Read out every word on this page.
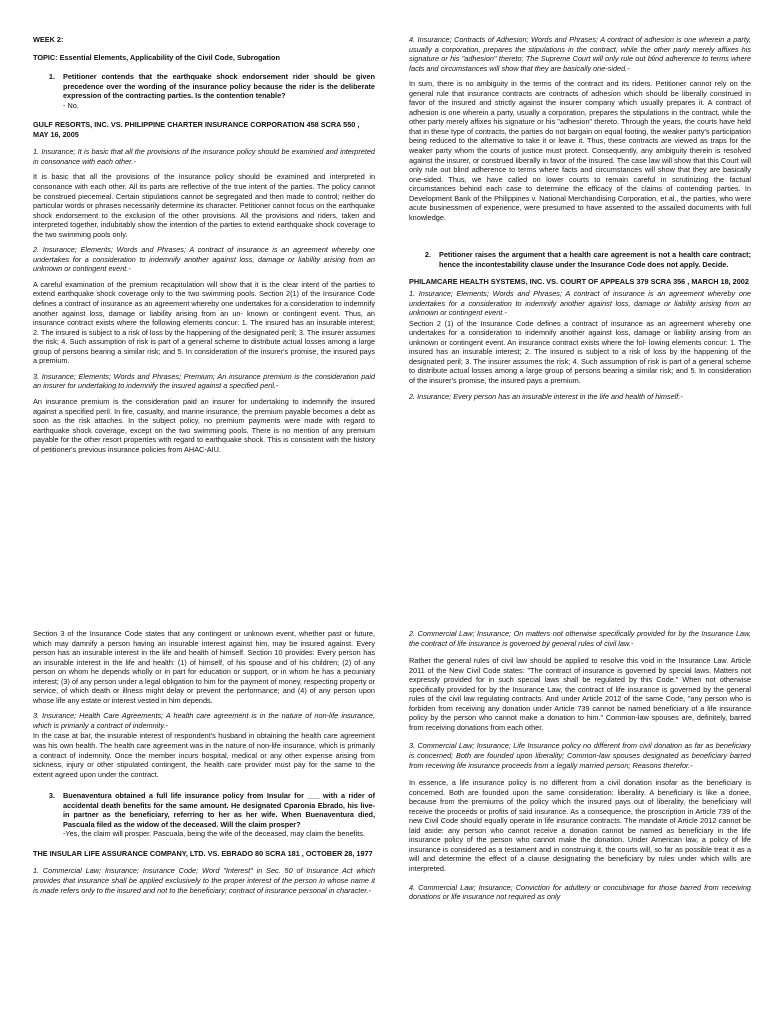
WEEK 2:
TOPIC: Essential Elements, Applicability of the Civil Code, Subrogation
1.	Petitioner contends that the earthquake shock endorsement rider should be given precedence over the wording of the insurance policy because the rider is the deliberate expression of the contracting parties. Is the contention tenable?
- No.
GULF RESORTS, INC. VS. PHILIPPINE CHARTER INSURANCE CORPORATION 458 SCRA 550 , MAY 16, 2005

1. Insurance; It is basic that all the provisions of the insurance policy should be examined and interpreted in consonance with each other.-

It is basic that all the provisions of the insurance policy should be examined and interpreted in consonance with each other. All its parts are reflective of the true intent of the parties. The policy cannot be construed piecemeal. Certain stipulations cannot be segregated and then made to control; neither do particular words or phrases necessarily determine its character. Petitioner cannot focus on the earthquake shock endorsement to the exclusion of the other provisions. All the provisions and riders, taken and interpreted together, indubitably show the intention of the parties to extend earthquake shock coverage to the two swimming pools only.

2. Insurance; Elements; Words and Phrases; A contract of insurance is an agreement whereby one undertakes for a consideration to indemnify another against loss, damage or liability arising from an unknown or contingent event.-

A careful examination of the premium recapitulation will show that it is the clear intent of the parties to extend earthquake shock coverage only to the two swimming pools. Section 2(1) of the Insurance Code defines a contract of insurance as an agreement whereby one undertakes for a consideration to indemnify another against loss, damage or liability arising from an un- known or contingent event. Thus, an insurance contract exists where the following elements concur: 1. The insured has an insurable interest; 2. The insured is subject to a risk of loss by the happening of the designated peril; 3. The insurer assumes the risk; 4. Such assumption of risk is part of a general scheme to distribute actual losses among a large group of persons bearing a similar risk; and 5. In consideration of the insurer's promise, the insured pays a premium.

3. Insurance; Elements; Words and Phrases; Premium; An insurance premium is the consideration paid an insurer for undertaking to indemnify the insured against a specified peril.-

An insurance premium is the consideration paid an insurer for undertaking to indemnify the insured against a specified peril. In fire, casualty, and marine insurance, the premium payable becomes a debt as soon as the risk attaches. In the subject policy, no premium payments were made with regard to earthquake shock coverage, except on the two swimming pools. There is no mention of any premium payable for the other resort properties with regard to earthquake shock. This is consistent with the history of petitioner's previous insurance policies from AHAC-AIU.

4. Insurance; Contracts of Adhesion; Words and Phrases; A contract of adhesion is one wherein a party, usually a corporation, prepares the stipulations in the contract, while the other party merely affixes his signature or his "adhesion" thereto; The Supreme Court will only rule out blind adherence to terms where facts and circumstances will show that they are basically one-sided.-

In sum, there is no ambiguity in the terms of the contract and its riders. Petitioner cannot rely on the general rule that insurance contracts are contracts of adhesion which should be liberally construed in favor of the insured and strictly against the insurer company which usually prepares it. A contract of adhesion is one wherein a party, usually a corporation, prepares the stipulations in the contract, while the other party merely affixes his signature or his "adhesion" thereto. Through the years, the courts have held that in these type of contracts, the parties do not bargain on equal footing, the weaker party's participation being reduced to the alternative to take it or leave it. Thus, these contracts are viewed as traps for the weaker party whom the courts of justice must protect. Consequently, any ambiguity therein is resolved against the insurer, or construed liberally in favor of the insured. The case law will show that this Court will only rule out blind adherence to terms where facts and circumstances will show that they are basically one-sided. Thus, we have called on lower courts to remain careful in scrutinizing the factual circumstances behind each case to determine the efficacy of the claims of contending parties. In Development Bank of the Philippines v. National Merchandising Corporation, et al., the parties, who were acute businessmen of experience, were presumed to have assented to the assailed documents with full knowledge.

2.	Petitioner raises the argument that a health care agreement is not a health care contract; hence the incontestability clause under the Insurance Code does not apply. Decide.
PHILAMCARE HEALTH SYSTEMS, INC. VS. COURT OF APPEALS 379 SCRA 356 , MARCH 18, 2002

1. Insurance; Elements; Words and Phrases; A contract of insurance is an agreement whereby one undertakes for a consideration to indemnify another against loss, damage or liability arising from an unknown or contingent event.-

Section 2 (1) of the Insurance Code defines a contract of insurance as an agreement whereby one undertakes for a consideration to indemnify another against loss, damage or liability arising from an unknown or contingent event. An insurance contract exists where the fol- lowing elements concur: 1. The insured has an insurable interest; 2. The insured is subject to a risk of loss by the happening of the designated peril; 3. The insurer assumes the risk; 4. Such assumption of risk is part of a general scheme to distribute actual losses among a large group of persons bearing a similar risk; and 5. In consideration of the insurer's promise, the insured pays a premium.

2. Insurance; Every person has an insurable interest in the life and health of himself.-

Section 3 of the Insurance Code states that any contingent or unknown event, whether past or future, which may damnify a person having an insurable interest against him, may be insured against. Every person has an insurable interest in the life and health of himself. Section 10 provides: Every person has an insurable interest in the life and health: (1) of himself, of his spouse and of his children; (2) of any person on whom he depends wholly or in part for education or support, or in whom he has a pecuniary interest; (3) of any person under a legal obligation to him for the payment of money, respecting property or service, of which death or illness might delay or prevent the performance; and (4) of any person upon whose life any estate or interest vested in him depends.

3. Insurance; Health Care Agreements; A health care agreement is in the nature of non-life insurance, which is primarily a contract of indemnity.-

In the case at bar, the insurable interest of respondent's husband in obtaining the health care agreement was his own health. The health care agreement was in the nature of non-life insurance, which is primarily a contract of indemnity. Once the member incurs hospital, medical or any other expense arising from sickness, injury or other stipulated contingent, the health care provider must pay for the same to the extent agreed upon under the contract.

3.	Buenaventura obtained a full life insurance policy from Insular for ___ with a rider of accidental death benefits for the same amount. He designated Cparonia Ebrado, his live-in partner as the beneficiary, referring to her as her wife. When Buenaventura died, Pascuala filed as the widow of the deceased. Will the claim prosper?
-Yes, the claim will prosper. Pascuala, being the wife of the deceased, may claim the benefits.
THE INSULAR LIFE ASSURANCE COMPANY, LTD. VS. EBRADO 80 SCRA 181 , OCTOBER 28, 1977

1. Commercial Law; Insurance; Insurance Code; Word "Interest" in Sec. 50 of Insurance Act which provides that insurance shall be applied exclusively to the proper interest of the person in whose name it is made refers only to the insured and not to the beneficiary; contract of insurance personal in character.-

2. Commercial Law; Insurance; On matters not otherwise specifically provided for by the Insurance Law, the contract of life insurance is governed by general rules of civil law.-

Rather the general rules of civil law should be applied to resolve this void in the Insurance Law. Article 2011 of the New Civil Code states: "The contract of insurance is governed by special laws. Matters not expressly provided for in such special laws shall be regulated by this Code." When not otherwise specifically provided for by the Insurance Law, the contract of life insurance is governed by the general rules of the civil law regulating contracts. And under Article 2012 of the same Code, "any person who is forbiden from receiving any donation under Article 739 cannot be named beneficiary of a life insurance policy by the person who cannot make a donation to him." Common-law spouses are, definitely, barred from receiving donations from each other.

3. Commercial Law; Insurance; Life Insurance policy no different from civil donation as far as beneficiary is concerned; Both are founded upon liberality; Common-law spouses designated as beneficiary barred from receiving life insurance proceeds from a legally married person; Reasons therefor.-

In essence, a life insurance policy is no different from a civil donation insofar as the beneficiary is concerned. Both are founded upon the same consideration: liberality. A beneficiary is like a donee, because from the premiums of the policy which the insured pays out of liberality, the beneficiary will receive the proceeds or profits of said insurance. As a consequence, the proscription in Article 739 of the new Civil Code should equally operate in life insurance contracts. The mandate of Article 2012 cannot be laid aside: any person who cannot receive a donation cannot be named as beneficiary in the life insurance policy of the person who cannot make the donation. Under American law, a policy of life insurance is considered as a testament and in construing it, the courts will, so far as possible treat it as a will and determine the effect of a clause designating the beneficiary by rules under which wills are interpreted.

4. Commercial Law; Insurance; Conviction for adultery or concubinage for those barred from receiving donations or life insurance not required as only
